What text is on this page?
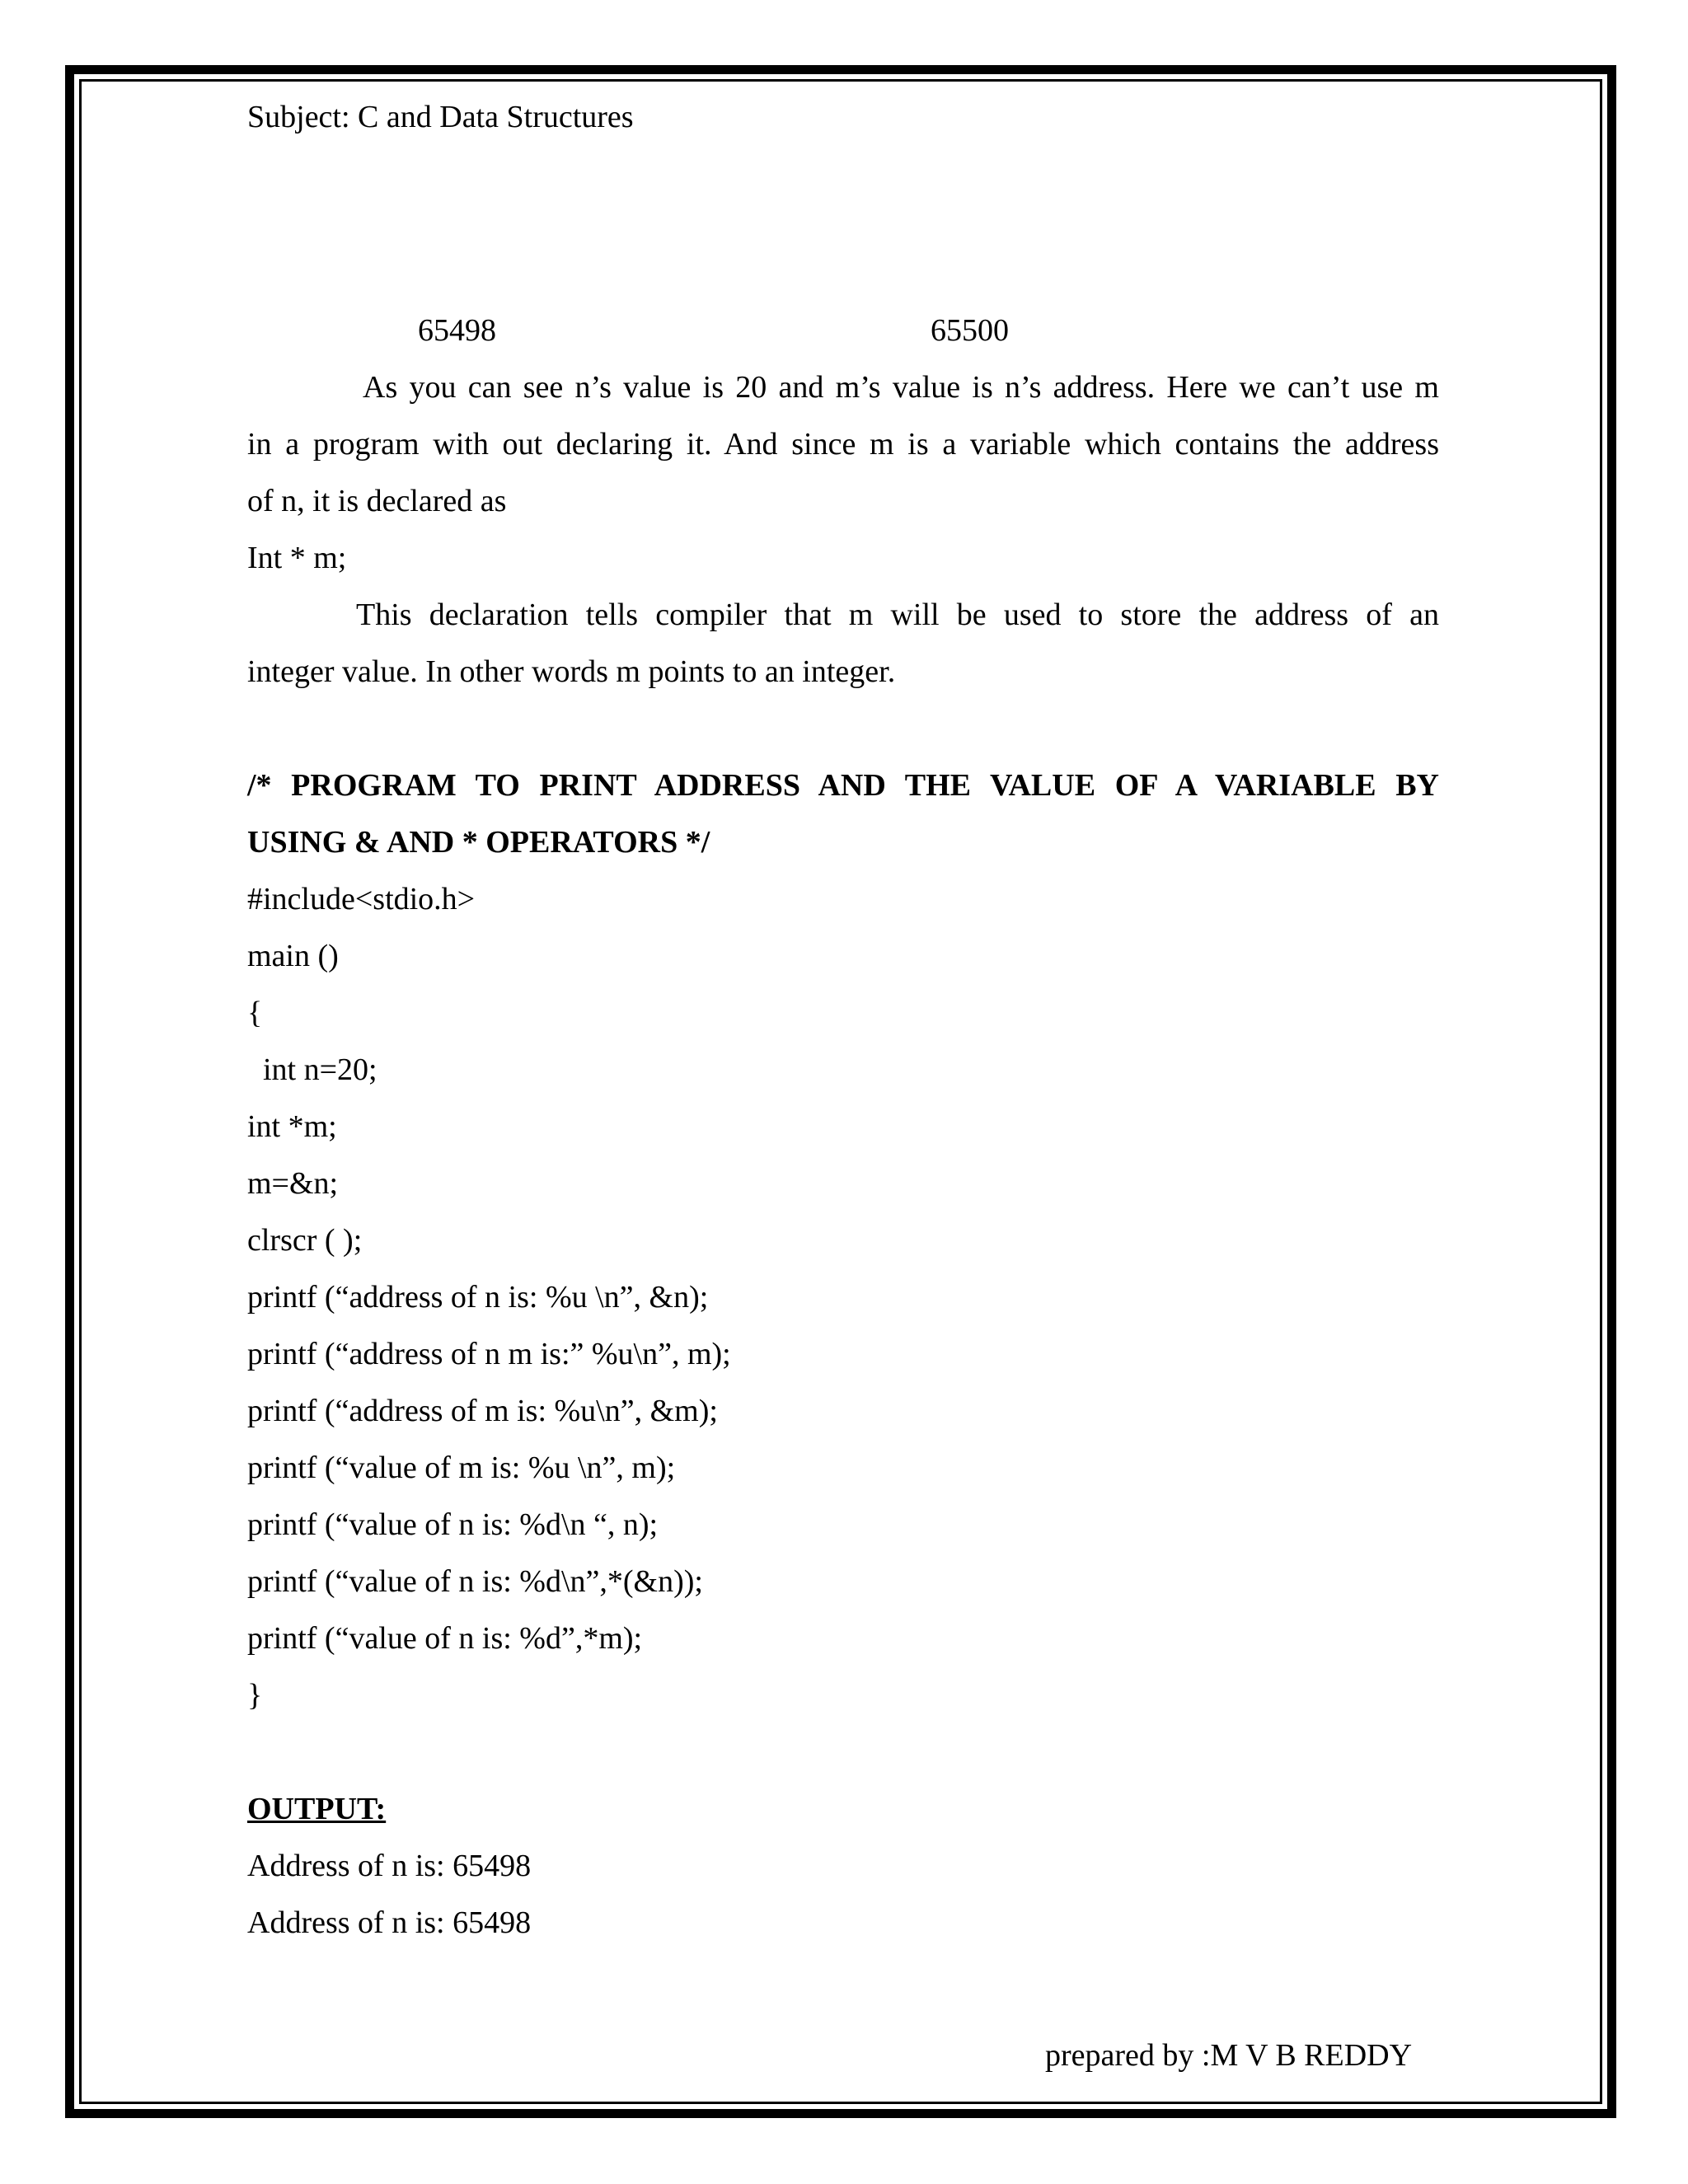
Subject: C and Data Structures
65498	65500
As you can see n’s value is 20 and m’s value is n’s address. Here we can’t use m
in a program with out declaring it. And since m is a variable which contains the address
of n, it is declared as
Int * m;
This declaration tells compiler that m will be used to store the address of an
integer value. In other words m points to an integer.
/* PROGRAM TO PRINT ADDRESS AND THE VALUE OF A VARIABLE BY
USING & AND * OPERATORS */
#include<stdio.h>
main ()
{
int n=20;
int *m;
m=&n;
clrscr ( );
printf (“address of n is: %u \n”, &n);
printf (“address of n m is:” %u\n”, m);
printf (“address of m is: %u\n”, &m);
printf (“value of m is: %u \n”, m);
printf (“value of n is: %d\n “, n);
printf (“value of n is: %d\n”,*(&n));
printf (“value of n is: %d”,*m);
}
OUTPUT:
Address of n is: 65498
Address of n is: 65498
prepared by :M V B REDDY
